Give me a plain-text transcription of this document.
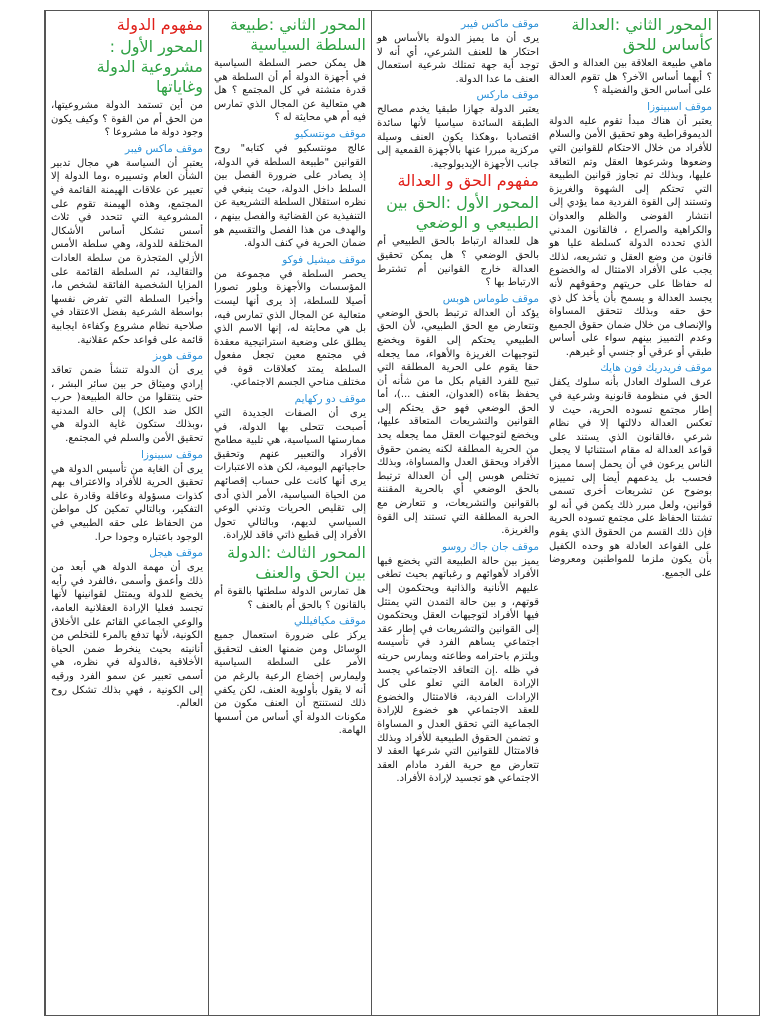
مفهوم الدولة
المحور الأول : مشروعية الدولة وغاياتها

من أين تستمد الدولة مشروعيتها، من الحق أم من القوة ؟ وكيف يكون وجود دولة ما مشروعا ؟

موقف ماكس فيبر

يعتبر أن السياسة هي مجال تدبير الشأن العام وتسييره ،وما الدولة إلا تعبير عن علاقات الهيمنة القائمة في المجتمع، وهذه الهيمنة تقوم على المشروعية التي تتحدد في ثلاث أسس تشكل أساس الأشكال المختلفة للدولة، وهي سلطة الأمس الأزلي المتجذرة من سلطة العادات والتقاليد، ثم السلطة القائمة على المزايا الشخصية الفائقة لشخص ما، وأخيرا السلطة التي تفرض نفسها بواسطة الشرعية بفضل الاعتقاد في صلاحية نظام مشروع وكفاءة ايجابية قائمة على قواعد حكم عقلانية.

موقف هوبز

يرى أن الدولة تنشأ ضمن تعاقد إرادي وميثاق حر بين سائر البشر ، حتى ينتقلوا من حالة الطبيعة( حرب الكل ضد الكل) إلى حالة المدنية ،وبذلك ستكون غاية الدولة هي تحقيق الأمن والسلم في المجتمع.

موقف سبينوزا

يرى أن الغاية من تأسيس الدولة هي تحقيق الحرية للأفراد والاعتراف بهم كذوات مسؤولة وعاقلة وقادرة على التفكير، وبالتالي تمكين كل مواطن من الحفاظ على حقه الطبيعي في الوجود باعتباره وجودا حرا.

موقف هيجل

يرى أن مهمة الدولة هي أبعد من ذلك وأعمق وأسمى ،فالفرد في رأيه يخضع للدولة ويمتثل لقوانينها لأنها تجسد فعليا الإرادة العقلانية العامة، والوعي الجماعي القائم على الأخلاق الكونية، لأنها تدفع بالمرء للتخلص من أنانيته بحيث ينخرط ضمن الحياة الأخلاقية ،فالدولة في نظره، هي أسمى تعبير عن سمو الفرد ورقيه إلى الكونية ، فهي بذلك تشكل روح العالم.

المحور الثاني :طبيعة السلطة السياسية

هل يمكن حصر السلطة السياسية في أجهزة الدولة أم أن السلطة هي قدرة متشتة في كل المجتمع ؟ هل هي متعالية عن المجال الذي تمارس فيه أم هي محايثة له ؟

موقف مونتسكيو

عالج مونتسكيو في كتابه" روح القوانين "طبيعة السلطة في الدولة، إذ يصادر على ضرورة الفصل بين السلط داخل الدولة، حيث ينبغي في نظره استقلال السلطة التشريعية عن التنفيذية عن القضائية والفصل بينهم ، والهدف من هذا الفصل والتقسيم هو ضمان الحرية في كنف الدولة.

موقف ميشيل فوكو

يحصر السلطة في مجموعة من المؤسسات والأجهزة وبلور تصورا أصيلا للسلطة، إذ يرى أنها ليست متعالية عن المجال الذي تمارس فيه، بل هي محايثة له، إنها الاسم الذي يطلق على وضعية استراتيجية معقدة في مجتمع معين تجعل مفعول السلطة يمتد كعلاقات قوة في مختلف مناحي الجسم الاجتماعي.

موقف دو ركهايم

يرى أن الصفات الجديدة التي أصبحت تتحلى بها الدولة، في ممارستها السياسية، هي تلبية مطامح الأفراد والتعبير عنهم وتحقيق حاجياتهم اليومية، لكن هذه الاعتبارات يرى أنها كانت على حساب إقصائهم من الحياة السياسية، الأمر الذي أدى إلى تقليص الحريات وتدني الوعي السياسي لديهم، وبالتالي تحول الأفراد إلى قطيع ذاتي فاقد للإرادة.

المحور الثالث :الدولة بين الحق والعنف

هل تمارس الدولة سلطتها بالقوة أم بالقانون ؟ بالحق أم بالعنف ؟

موقف مكيافيللي

يركز على ضرورة استعمال جميع الوسائل ومن ضمنها العنف لتحقيق الأمر على السلطة السياسية وليمارس إخضاع الرعية بالرغم من أنه لا يقول بأولوية العنف، لكن يكفي ذلك لنستنتج أن العنف مكون من مكونات الدولة أي أساس من أسسها الهامة.

موقف ماكس فيبر

يرى أن ما يميز الدولة بالأساس هو احتكار ها للعنف الشرعي، أي أنه لا توجد أية جهة تمتلك شرعية استعمال العنف ما عدا الدولة.

موقف ماركس

يعتبر الدولة جهازا طبقيا يخدم مصالح الطبقة السائدة سياسيا لأنها سائدة اقتصاديا ،وهكذا يكون العنف وسيلة مركزية مبررا عنها بالأجهزة القمعية إلى جانب الأجهزة الإيديولوجية.

مفهوم الحق و العدالة
المحور الأول :الحق بين الطبيعي و الوضعي

هل للعدالة ارتباط بالحق الطبيعي أم بالحق الوضعي ؟ هل يمكن تحقيق العدالة خارج القوانين أم تشترط الارتباط بها ؟

موقف طوماس هوبس

يؤكد أن العدالة ترتبط بالحق الوضعي وتتعارض مع الحق الطبيعي، لأن الحق الطبيعي يحتكم إلى القوة ويخضع لتوجيهات الغريزة والأهواء، مما يجعله حقا يقوم على الحرية المطلقة التي تبيح للفرد القيام بكل ما من شأنه أن يحفظ بقاءه (العدوان، العنف ...)، أما الحق الوضعي فهو حق يحتكم إلى القوانين والتشريعات المتعاقد عليها، ويخضع لتوجيهات العقل مما يجعله يحد من الحرية المطلقة لكنه يضمن حقوق الأفراد ويحقق العدل والمساواة، وبذلك تختلص هوبس إلى أن العدالة ترتبط بالحق الوضعي أي بالحرية المقننة بالقوانين والتشريعات، و تتعارض مع الحرية المطلقة التي تستند إلى القوة والغريزة.

موقف جان جاك روسو

يميز بين حالة الطبيعة التي يخضع فيها الأفراد لأهوائهم و رغباتهم بحيث تطغى عليهم الأنانية والذاتية ويحتكمون إلى قوتهم، و بين حالة التمدن التي يمتثل فيها الأفراد لتوجيهات العقل ويحتكمون إلى القوانين والتشريعات في إطار عقد اجتماعي يساهم الفرد في تأسيسه ويلتزم باحترامه وطاعته ويمارس حريته في ظله .إن التعاقد الاجتماعي يجسد الإرادة العامة التي تعلو على كل الإرادات الفردية، فالامتثال والخضوع للعقد الاجتماعي هو خضوع للإرادة الجماعية التي تحقق العدل و المساواة و تضمن الحقوق الطبيعية للأفراد وبذلك فالامتثال للقوانين التي شرعها العقد لا تتعارض مع حرية الفرد مادام العقد الاجتماعي هو تجسيد لإرادة الأفراد.

المحور الثاني :العدالة كأساس للحق

ماهي طبيعة العلاقة بين العدالة و الحق ؟ أيهما أساس الآخر؟ هل تقوم العدالة على أساس الحق والفضيلة ؟

موقف اسبينوزا

يعتبر أن هناك مبدأ تقوم عليه الدولة الديموقراطية وهو تحقيق الأمن والسلام للأفراد من خلال الاحتكام للقوانين التي وضعوها وشرعوها العقل وتم التعاقد عليها، وبذلك تم تجاوز قوانين الطبيعة التي تحتكم إلى الشهوة والغريزة وتستند إلى القوة الفردية مما يؤدي إلى انتشار الفوضى والظلم والعدوان والكراهية والصراع ، فالقانون المدني الذي تحدده الدولة كسلطة عليا هو قانون من وضع العقل و تشريعه، لذلك يجب على الأفراد الامتثال له والخضوع له حفاظا على حريتهم وحقوقهم لأنه يجسد العدالة و يسمح بأن يأخذ كل ذي حق حقه وبذلك تتحقق المساواة والإنصاف من خلال ضمان حقوق الجميع وعدم التمييز بينهم سواء على أساس طبقي أو عرقي أو جنسي أو غيرهم.

موقف فريدريك فون هايك

عرف السلوك العادل بأنه سلوك يكفل الحق في منظومة قانونية وشرعية في إطار مجتمع تسوده الحرية، حيث لا تعكس العدالة دلالتها إلا في نظام شرعي ،فالقانون الذي يستند على قواعد العدالة له مقام استثنائيا لا يجعل الناس يرعون في أن يحمل إسما مميزا فحسب بل يدعمهم أيضا إلى تمييزه بوضوح عن تشريعات أخرى تسمى قوانين، ولعل مبرر ذلك يكمن في أنه لو تشتنا الحفاظ على مجتمع تسوده الحرية فإن ذلك القسم من الحقوق الذي يقوم على القواعد العادلة هو وحده الكفيل بأن يكون ملزما للمواطنين ومعروضا على الجميع.
